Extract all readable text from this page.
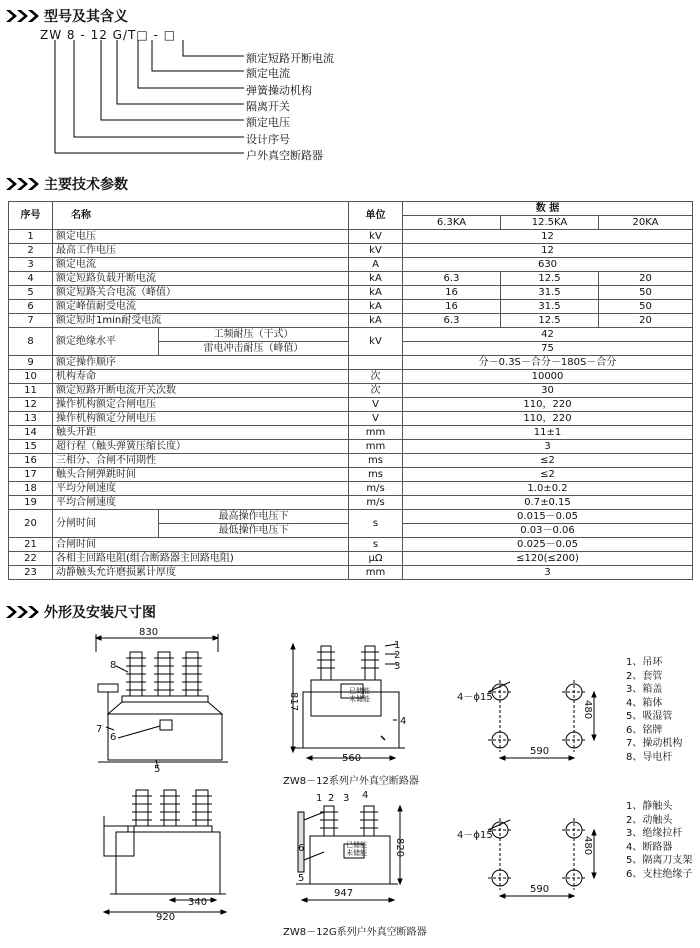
型号及其含义
ZW 8 - 12 G/T□ - □
额定短路开断电流
额定电流
弹簧操动机构
隔离开关
额定电压
设计序号
户外真空断路器
主要技术参数
序号	名称		单位	数 据		
				6.3KA	12.5KA	20KA
1	额定电压		kV	12		
2	最高工作电压		kV	12		
3	额定电流		A	630		
4	额定短路负载开断电流		kA	6.3	12.5	20
5	额定短路关合电流（峰值）		kA	16	31.5	50
6	额定峰值耐受电流		kA	16	31.5	50
7	额定短时1min耐受电流		kA	6.3	12.5	20
8	额定绝缘水平	工频耐压（干式）	kV	42		
		雷电冲击耐压（峰值）		75		
9	额定操作顺序			分－0.3S－合分－180S－合分		
10	机构寿命		次	10000		
11	额定短路开断电流开关次数		次	30		
12	操作机构额定合闸电压		V	110，220		
13	操作机构额定分闸电压		V	110，220		
14	触头开距		mm	11±1		
15	超行程（触头弹簧压缩长度）		mm	3		
16	三相分、合闸不同期性		ms	≤2		
17	触头合闸弹跳时间		ms	≤2		
18	平均分闸速度		m/s	1.0±0.2		
19	平均合闸速度		m/s	0.7±0.15		
20	分闸时间	最高操作电压下	s	0.015－0.05		
		最低操作电压下		0.03－0.06		
21	合闸时间		s	0.025－0.05		
22	各相主回路电阻(组合断路器主回路电阻)		μΩ	≤120(≤200)		
23	动静触头允许磨损累计厚度		mm	3		
外形及安装尺寸图
830
8
7
6
5
817
560
1
2
3
4
已储能
未储能
ZW8－12系列户外真空断路器
4－ϕ15
480
590
1、吊环
2、套管
3、箱盖
4、箱体
5、吸湿管
6、铭牌
7、操动机构
8、导电杆
920
340
1 2 3 4
5
6	820
947
已储能
未储能
ZW8－12G系列户外真空断路器
4－ϕ15
480
590
1、静触头
2、动触头
3、绝缘拉杆
4、断路器
5、隔离刀支架
6、支柱绝缘子
